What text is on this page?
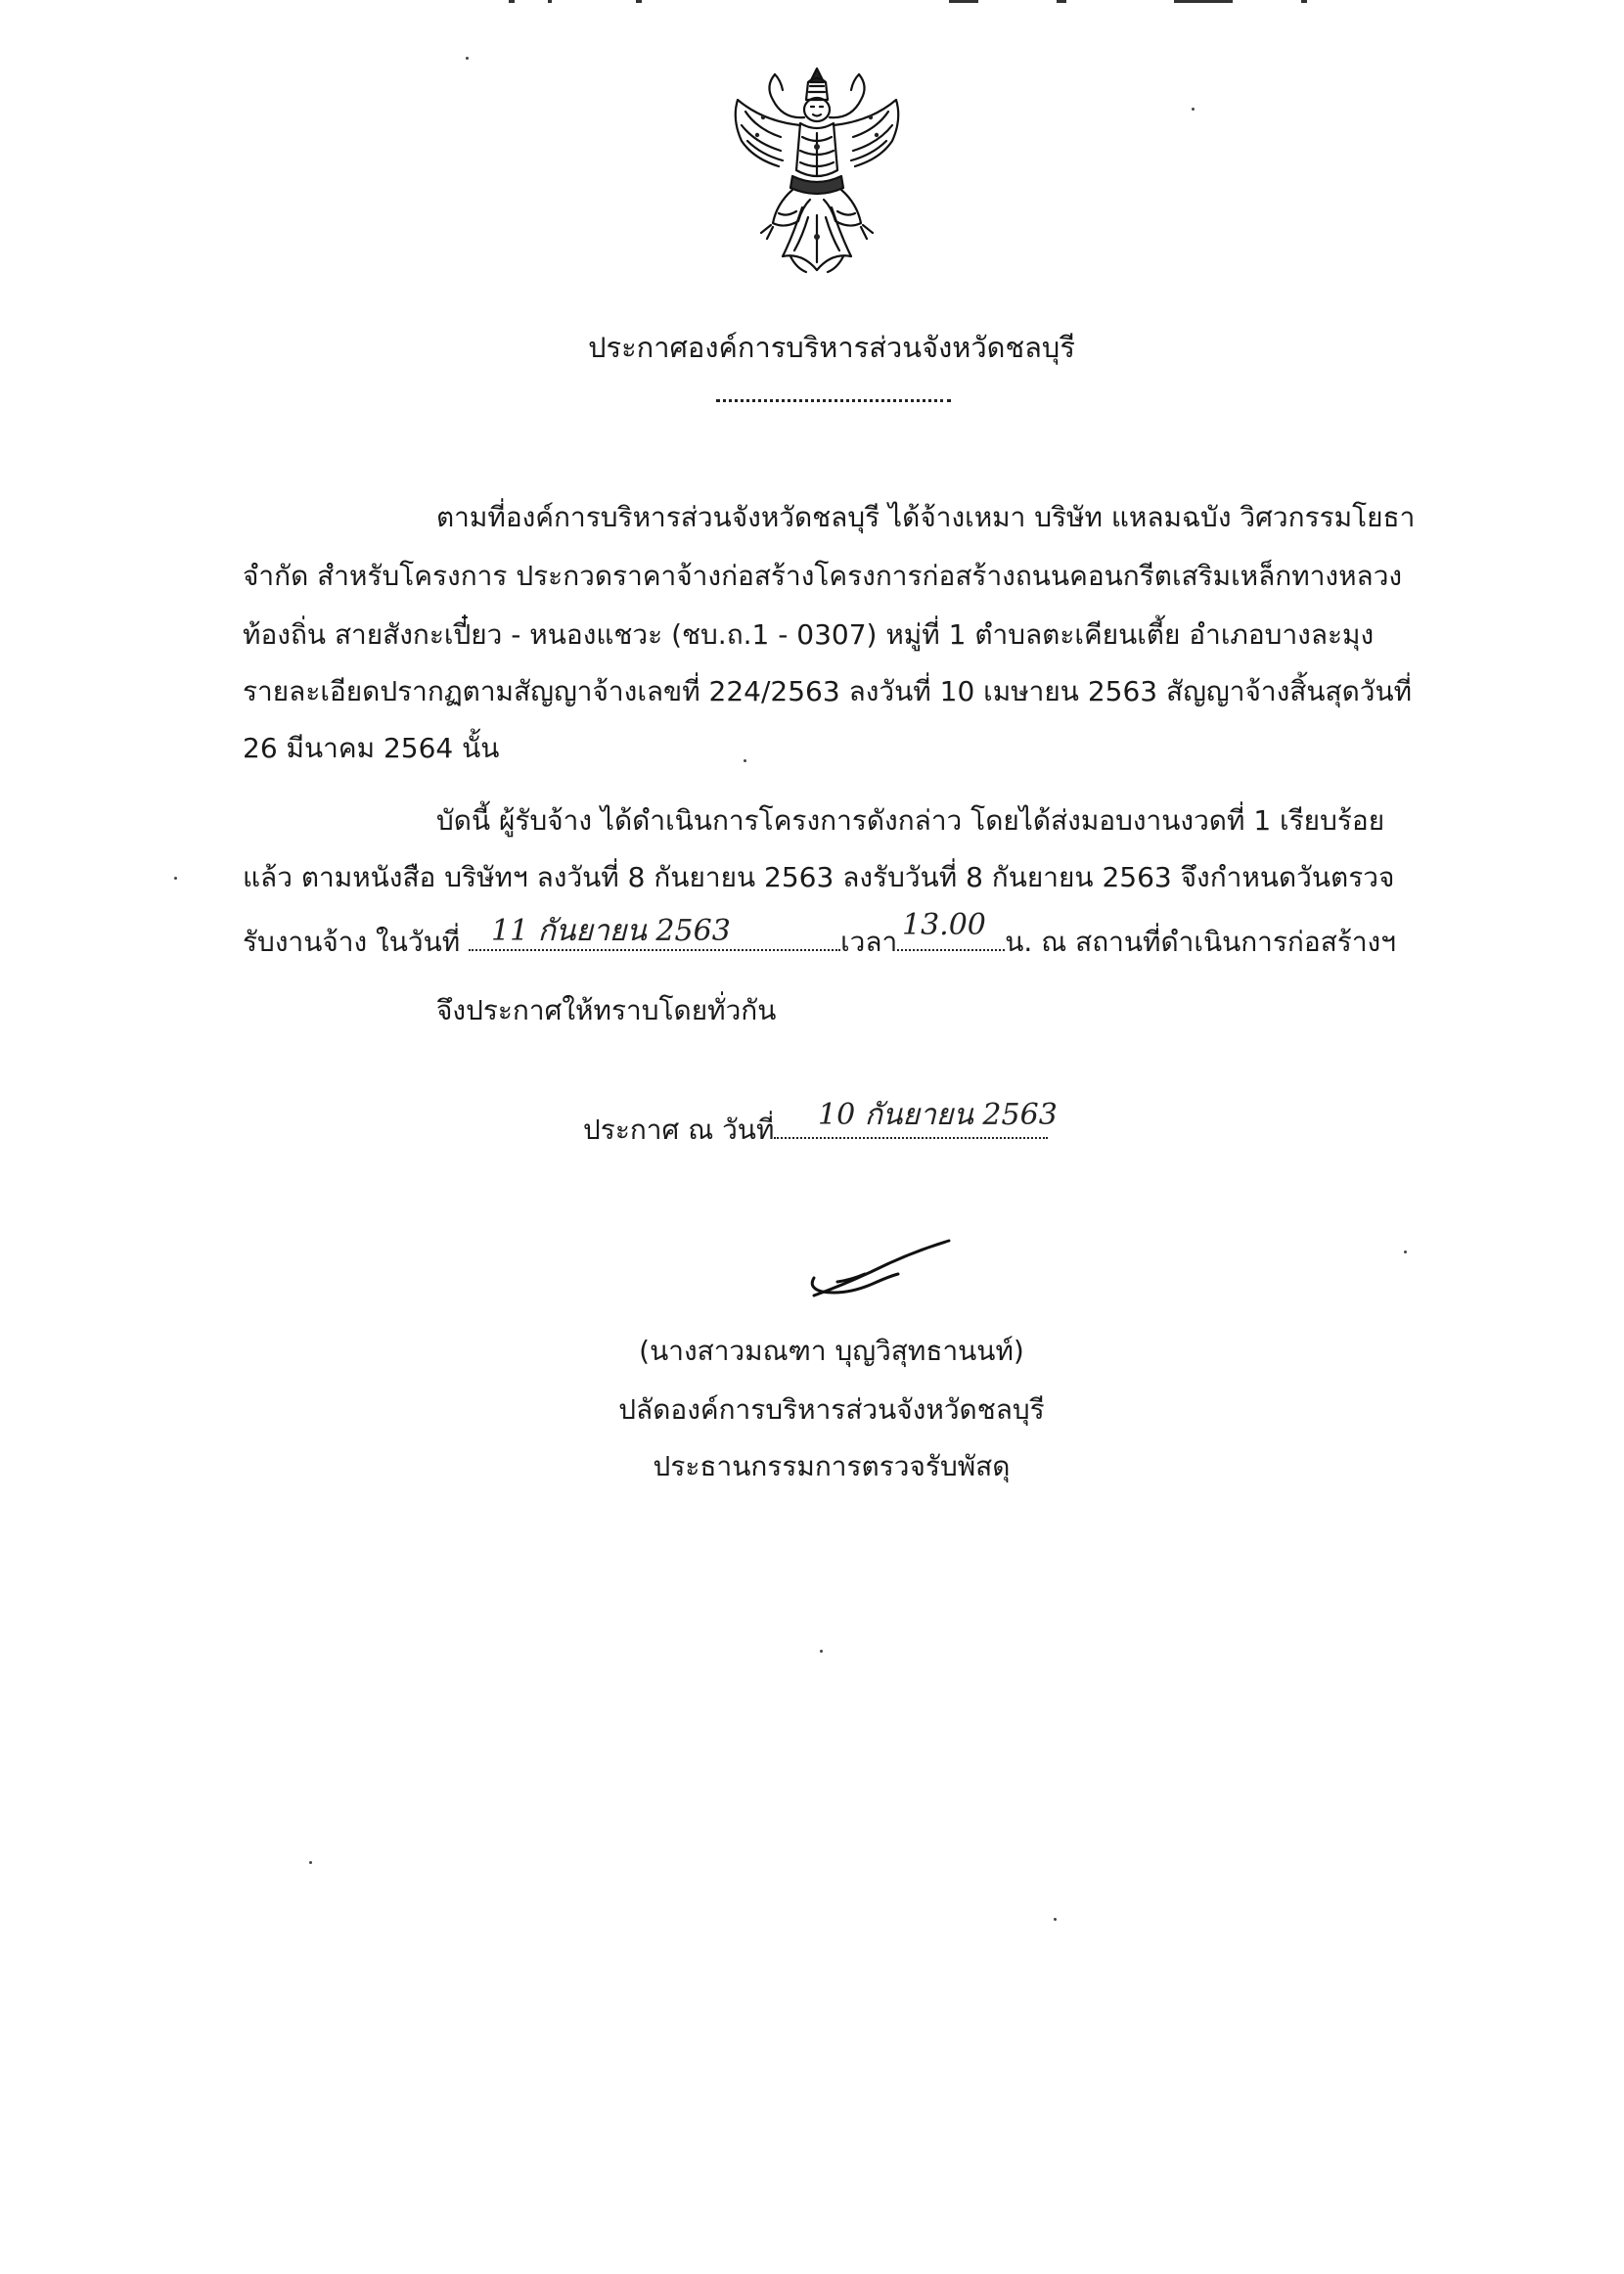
ประกาศองค์การบริหารส่วนจังหวัดชลบุรี
ตามที่องค์การบริหารส่วนจังหวัดชลบุรี ได้จ้างเหมา บริษัท แหลมฉบัง วิศวกรรมโยธา
จำกัด สำหรับโครงการ ประกวดราคาจ้างก่อสร้างโครงการก่อสร้างถนนคอนกรีตเสริมเหล็กทางหลวง
ท้องถิ่น สายสังกะเปี๋ยว - หนองแชวะ (ชบ.ถ.1 - 0307) หมู่ที่ 1 ตำบลตะเคียนเตี้ย อำเภอบางละมุง
รายละเอียดปรากฏตามสัญญาจ้างเลขที่ 224/2563 ลงวันที่ 10 เมษายน 2563 สัญญาจ้างสิ้นสุดวันที่
26 มีนาคม 2564 นั้น
บัดนี้ ผู้รับจ้าง ได้ดำเนินการโครงการดังกล่าว โดยได้ส่งมอบงานงวดที่ 1 เรียบร้อย
แล้ว ตามหนังสือ บริษัทฯ ลงวันที่ 8 กันยายน 2563 ลงรับวันที่ 8 กันยายน 2563 จึงกำหนดวันตรวจ
รับงานจ้าง ในวันที่	เวลา	น. ณ สถานที่ดำเนินการก่อสร้างฯ
11 กันยายน 2563	13.00
จึงประกาศให้ทราบโดยทั่วกัน
ประกาศ ณ วันที่	10 กันยายน 2563
(นางสาวมณฑา บุญวิสุทธานนท์)
ปลัดองค์การบริหารส่วนจังหวัดชลบุรี
ประธานกรรมการตรวจรับพัสดุ
